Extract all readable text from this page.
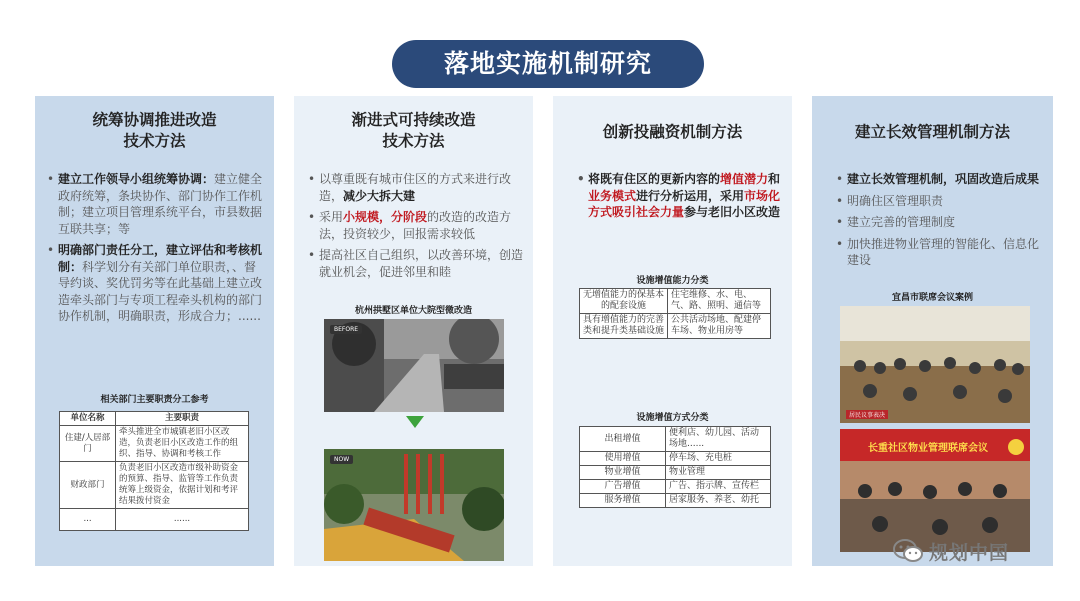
落地实施机制研究
统筹协调推进改造
技术方法
• 建立工作领导小组统筹协调：建立健全政府统筹，条块协作、部门协作工作机制；建立项目管理系统平台，市县数据互联共享；等
• 明确部门责任分工，建立评估和考核机制：科学划分有关部门单位职责，、督导约谈、奖优罚劣等在此基础上建立改造牵头部门与专项工程牵头机构的部门协作机制，明确职责，形成合力；......
相关部门主要职责分工参考
单位名称	主要职责
住建/人居部门	牵头推进全市城镇老旧小区改造，负责老旧小区改造工作的组织、指导、协调和考核工作
财政部门	负责老旧小区改造市级补助资金的预算、指导、监管等工作负责统筹上级资金，依据计划和考评结果拨付资金
...	......
渐进式可持续改造
技术方法
• 以尊重既有城市住区的方式来进行改造，减少大拆大建
• 采用小规模，分阶段的改造的改造方法，投资较少，回报需求较低
• 提高社区自己组织，以改善环境，创造就业机会，促进邻里和睦
杭州拱墅区单位大院型微改造
BEFORE
NOW
创新投融资机制方法
• 将既有住区的更新内容的增值潜力和业务模式进行分析运用，采用市场化方式吸引社会力量参与老旧小区改造
设施增值能力分类
无增值能力的保基本的配套设施	住宅维修、水、电、气、路、照明、通信等
具有增值能力的完善类和提升类基础设施	公共活动场地、配建停车场、物业用房等
设施增值方式分类
出租增值	便利店、幼儿园、活动场地......
使用增值	停车场、充电桩
物业增值	物业管理
广告增值	广告、指示牌、宣传栏
服务增值	居家服务、养老、幼托
建立长效管理机制方法
• 建立长效管理机制，巩固改造后成果
• 明确住区管理职责
• 建立完善的管理制度
• 加快推进物业管理的智能化、信息化建设
宜昌市联席会议案例
居民议事表决
长重社区物业管理联席会议
规划中国
